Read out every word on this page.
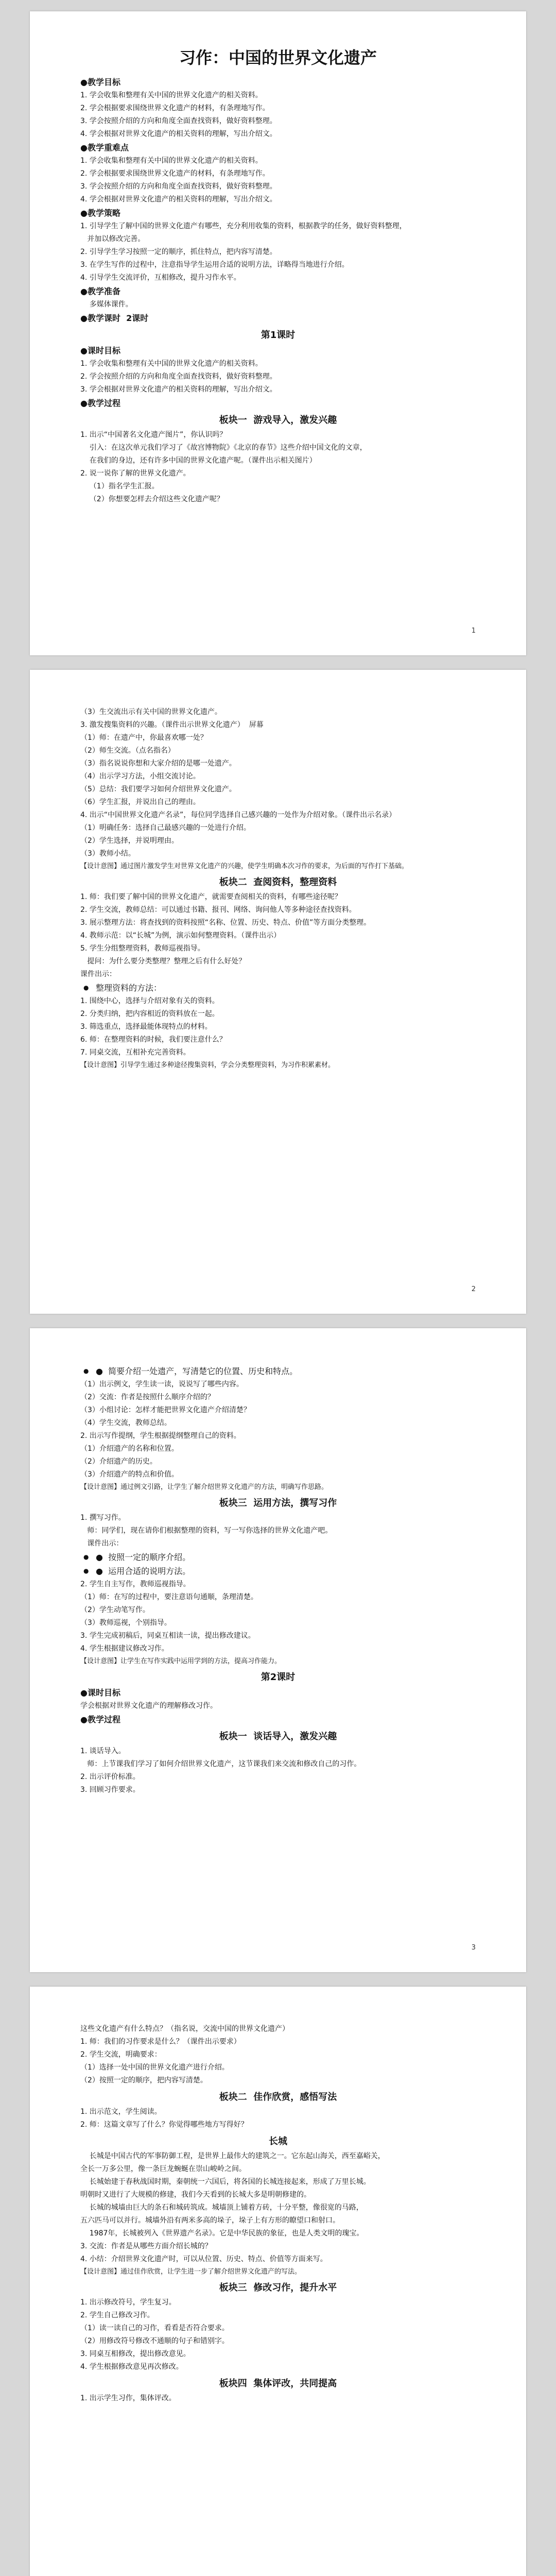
习作：中国的世界文化遗产
●教学目标
1. 学会收集和整理有关中国的世界文化遗产的相关资料。
2. 学会根据要求围绕世界文化遗产的材料，有条理地写作。
3. 学会按照介绍的方向和角度全面查找资料，做好资料整理。
4. 学会根据对世界文化遗产的相关资料的理解，写出介绍文。
●教学重难点
1. 学会收集和整理有关中国的世界文化遗产的相关资料。
2. 学会根据要求围绕世界文化遗产的材料，有条理地写作。
3. 学会按照介绍的方向和角度全面查找资料，做好资料整理。
4. 学会根据对世界文化遗产的相关资料的理解，写出介绍文。
●教学策略
1. 引导学生了解中国的世界文化遗产有哪些，充分利用收集的资料，根据教学的任务，做好资料整理，
并加以修改完善。
2. 引导学生学习按照一定的顺序，抓住特点，把内容写清楚。
3. 在学生写作的过程中，注意指导学生运用合适的说明方法，详略得当地进行介绍。
4. 引导学生交流评价，互相修改，提升习作水平。
●教学准备
多媒体课件。
●教学课时  2课时
第1课时
●课时目标
1. 学会收集和整理有关中国的世界文化遗产的相关资料。
2. 学会按照介绍的方向和角度全面查找资料，做好资料整理。
3. 学会根据对世界文化遗产的相关资料的理解，写出介绍文。
●教学过程
板块一  游戏导入，激发兴趣
1. 出示“中国著名文化遗产图片”，你认识吗？
引入：在这次单元我们学习了《故宫博物院》《北京的春节》这些介绍中国文化的文章，
在我们的身边，还有许多中国的世界文化遗产呢。（课件出示相关图片）
2. 说一说你了解的世界文化遗产。
（1）指名学生汇报。
（2）你想要怎样去介绍这些文化遗产呢？
1
（3）生交流出示有关中国的世界文化遗产。
3. 激发搜集资料的兴趣。（课件出示世界文化遗产）  屏幕
（1）师：在遗产中，你最喜欢哪一处？
（2）师生交流。（点名指名）
（3）指名说说你想和大家介绍的是哪一处遗产。
（4）出示学习方法，小组交流讨论。
（5）总结：我们要学习如何介绍世界文化遗产。
（6）学生汇报，并说出自己的理由。
4. 出示“中国世界文化遗产名录”，每位同学选择自己感兴趣的一处作为介绍对象。（课件出示名录）
（1）明确任务：选择自己最感兴趣的一处进行介绍。
（2）学生选择，并说明理由。
（3）教师小结。
【设计意图】通过图片激发学生对世界文化遗产的兴趣，使学生明确本次习作的要求，为后面的写作打下基础。
板块二  查阅资料，整理资料
1. 师：我们要了解中国的世界文化遗产，就需要查阅相关的资料，有哪些途径呢？
2. 学生交流，教师总结：可以通过书籍、报刊、网络、询问他人等多种途径查找资料。
3. 展示整理方法：将查找到的资料按照“名称、位置、历史、特点、价值”等方面分类整理。
4. 教师示范：以“长城”为例，演示如何整理资料。（课件出示）
5. 学生分组整理资料，教师巡视指导。
提问：为什么要分类整理？整理之后有什么好处？
课件出示：
● 整理资料的方法：
1. 围绕中心，选择与介绍对象有关的资料。
2. 分类归纳，把内容相近的资料放在一起。
3. 筛选重点，选择最能体现特点的材料。
6. 师：在整理资料的时候，我们要注意什么？
7. 同桌交流，互相补充完善资料。
【设计意图】引导学生通过多种途径搜集资料，学会分类整理资料，为习作积累素材。
2
● ●  简要介绍一处遗产，写清楚它的位置、历史和特点。
（1）出示例文，学生读一读，说说写了哪些内容。
（2）交流：作者是按照什么顺序介绍的？
（3）小组讨论：怎样才能把世界文化遗产介绍清楚？
（4）学生交流，教师总结。
2. 出示写作提纲，学生根据提纲整理自己的资料。
（1）介绍遗产的名称和位置。
（2）介绍遗产的历史。
（3）介绍遗产的特点和价值。
【设计意图】通过例文引路，让学生了解介绍世界文化遗产的方法，明确写作思路。
板块三  运用方法，撰写习作
1. 撰写习作。
师：同学们，现在请你们根据整理的资料，写一写你选择的世界文化遗产吧。
课件出示：
● ●  按照一定的顺序介绍。
● ●  运用合适的说明方法。
2. 学生自主写作，教师巡视指导。
（1）师：在写的过程中，要注意语句通顺，条理清楚。
（2）学生动笔写作。
（3）教师巡视，个别指导。
3. 学生完成初稿后，同桌互相读一读，提出修改建议。
4. 学生根据建议修改习作。
【设计意图】让学生在写作实践中运用学到的方法，提高习作能力。
第2课时
●课时目标
学会根据对世界文化遗产的理解修改习作。
●教学过程
板块一  谈话导入，激发兴趣
1. 谈话导入。
师：上节课我们学习了如何介绍世界文化遗产，这节课我们来交流和修改自己的习作。
2. 出示评价标准。
3. 回顾习作要求。
3
这些文化遗产有什么特点？（指名说，交流中国的世界文化遗产）
1. 师：我们的习作要求是什么？（课件出示要求）
2. 学生交流，明确要求：
（1）选择一处中国的世界文化遗产进行介绍。
（2）按照一定的顺序，把内容写清楚。
板块二  佳作欣赏，感悟写法
1. 出示范文，学生阅读。
2. 师：这篇文章写了什么？你觉得哪些地方写得好？
长城
长城是中国古代的军事防御工程，是世界上最伟大的建筑之一。它东起山海关，西至嘉峪关，
全长一万多公里，像一条巨龙蜿蜒在崇山峻岭之间。
长城始建于春秋战国时期，秦朝统一六国后，将各国的长城连接起来，形成了万里长城。
明朝时又进行了大规模的修建，我们今天看到的长城大多是明朝修建的。
长城的城墙由巨大的条石和城砖筑成。城墙顶上铺着方砖，十分平整，像很宽的马路，
五六匹马可以并行。城墙外沿有两米多高的垛子，垛子上有方形的瞭望口和射口。
1987年，长城被列入《世界遗产名录》。它是中华民族的象征，也是人类文明的瑰宝。
3. 交流：作者是从哪些方面介绍长城的？
4. 小结：介绍世界文化遗产时，可以从位置、历史、特点、价值等方面来写。
【设计意图】通过佳作欣赏，让学生进一步了解介绍世界文化遗产的写法。
板块三  修改习作，提升水平
1. 出示修改符号，学生复习。
2. 学生自己修改习作。
（1）读一读自己的习作，看看是否符合要求。
（2）用修改符号修改不通顺的句子和错别字。
3. 同桌互相修改，提出修改意见。
4. 学生根据修改意见再次修改。
板块四  集体评改，共同提高
1. 出示学生习作，集体评改。
